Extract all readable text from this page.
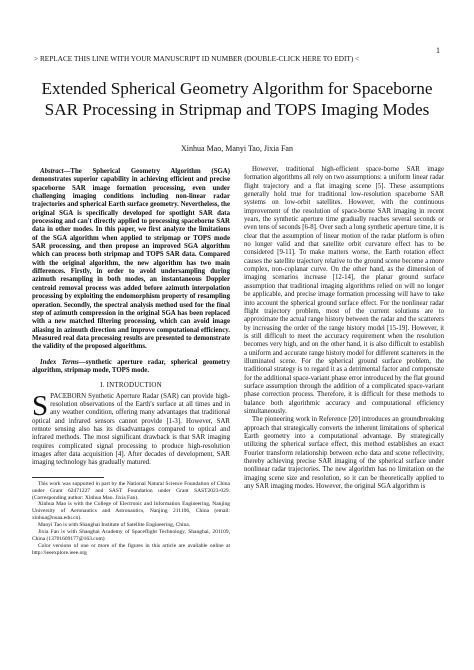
1
> REPLACE THIS LINE WITH YOUR MANUSCRIPT ID NUMBER (DOUBLE-CLICK HERE TO EDIT) <
Extended Spherical Geometry Algorithm for Spaceborne SAR Processing in Stripmap and TOPS Imaging Modes
Xinhua Mao, Manyi Tao, Jixia Fan

Abstract—The Spherical Geometry Algorithm (SGA) demonstrates superior capability in achieving efficient and precise spaceborne SAR image formation processing, even under challenging imaging conditions including non-linear radar trajectories and spherical Earth surface geometry. Nevertheless, the original SGA is specifically developed for spotlight SAR data processing and can't directly applied to processing spaceborne SAR data in other modes. In this paper, we first analyze the limitations of the SGA algorithm when applied to stripmap or TOPS mode SAR processing, and then propose an improved SGA algorithm which can process both stripmap and TOPS SAR data. Compared with the original algorithm, the new algorithm has two main differences. Firstly, in order to avoid undersampling during azimuth resampling in both modes, an instantaneous Doppler centroid removal process was added before azimuth interpolation processing by exploiting the endomorphism property of resampling operation. Secondly, the spectral analysis method used for the final step of azimuth compression in the original SGA has been replaced with a new matched filtering processing, which can avoid image aliasing in azimuth direction and improve computational efficiency. Measured real data processing results are presented to demonstrate the validity of the proposed algorithms.

Index Terms—synthetic aperture radar, spherical geometry algorithm, stripmap mode, TOPS mode.

I. INTRODUCTION

SPACEBORN Synthetic Aperture Radar (SAR) can provide high-resolution observations of the Earth's surface at all times and in any weather condition, offering many advantages that traditional optical and infrared sensors cannot provide [1-3]. However, SAR remote sensing also has its disadvantages compared to optical and infrared methods. The most significant drawback is that SAR imaging requires complicated signal processing to produce high-resolution images after data acquisition [4]. After decades of development, SAR imaging technology has gradually matured.

This work was supported in part by the National Natural Science Foundation of China under Grant 62471227 and SAST Foundation under Grant SAST2023-029. (Corresponding author: Xinhua Mao. Jixia Fan).

Xinhua Mao is with the College of Electronic and Information Engineering, Nanjing University of Aeronautics and Astronautics, Nanjing 211106, China (email: xinhua@nuaa.edu.cn).

Manyi Tao is with Shanghai Institute of Satellite Engineering, China.

Jixia Fan is with Shanghai Academy of Spaceflight Technology, Shanghai, 201109, China (13701609177@163.com)

Color versions of one or more of the figures in this article are available online at http://ieeexplore.ieee.org

However, traditional high-efficient space-borne SAR image formation algorithms all rely on two assumptions: a uniform linear radar flight trajectory and a flat imaging scene [5]. These assumptions generally hold true for traditional low-resolution spaceborne SAR systems on low-orbit satellites. However, with the continuous improvement of the resolution of space-borne SAR imaging in recent years, the synthetic aperture time gradually reaches several seconds or even tens of seconds [6-8]. Over such a long synthetic aperture time, it is clear that the assumption of linear motion of the radar platform is often no longer valid and that satellite orbit curvature effect has to be considered [9-11]. To make matters worse, the Earth rotation effect causes the satellite trajectory relative to the ground scene become a more complex, non-coplanar curve. On the other hand, as the dimension of imaging scenarios increase [12-14], the planar ground surface assumption that traditional imaging algorithms relied on will no longer be applicable, and precise image formation processing will have to take into account the spherical ground surface effect. For the nonlinear radar flight trajectory problem, most of the current solutions are to approximate the actual range history between the radar and the scatterers by increasing the order of the range history model [15-19]. However, it is still difficult to meet the accuracy requirement when the resolution becomes very high, and on the other hand, it is also difficult to establish a uniform and accurate range history model for different scatterers in the illuminated scene. For the spherical ground surface problem, the traditional strategy is to regard it as a detrimental factor and compensate for the additional space-variant phase error introduced by the flat ground surface assumption through the addition of a complicated space-variant phase correction process. Therefore, it is difficult for these methods to balance both algorithmic accuracy and computational efficiency simultaneously.

The pioneering work in Reference [20] introduces an groundbreaking approach that strategically converts the inherent limitations of spherical Earth geometry into a computational advantage. By strategically utilizing the spherical surface effect, this method establishes an exact Fourier transform relationship between echo data and scene reflectivity, thereby achieving precise SAR imaging of the spherical surface under nonlinear radar trajectories. The new algorithm has no limitation on the imaging scene size and resolution, so it can be theoretically applied to any SAR imaging modes. However, the original SGA algorithm is
